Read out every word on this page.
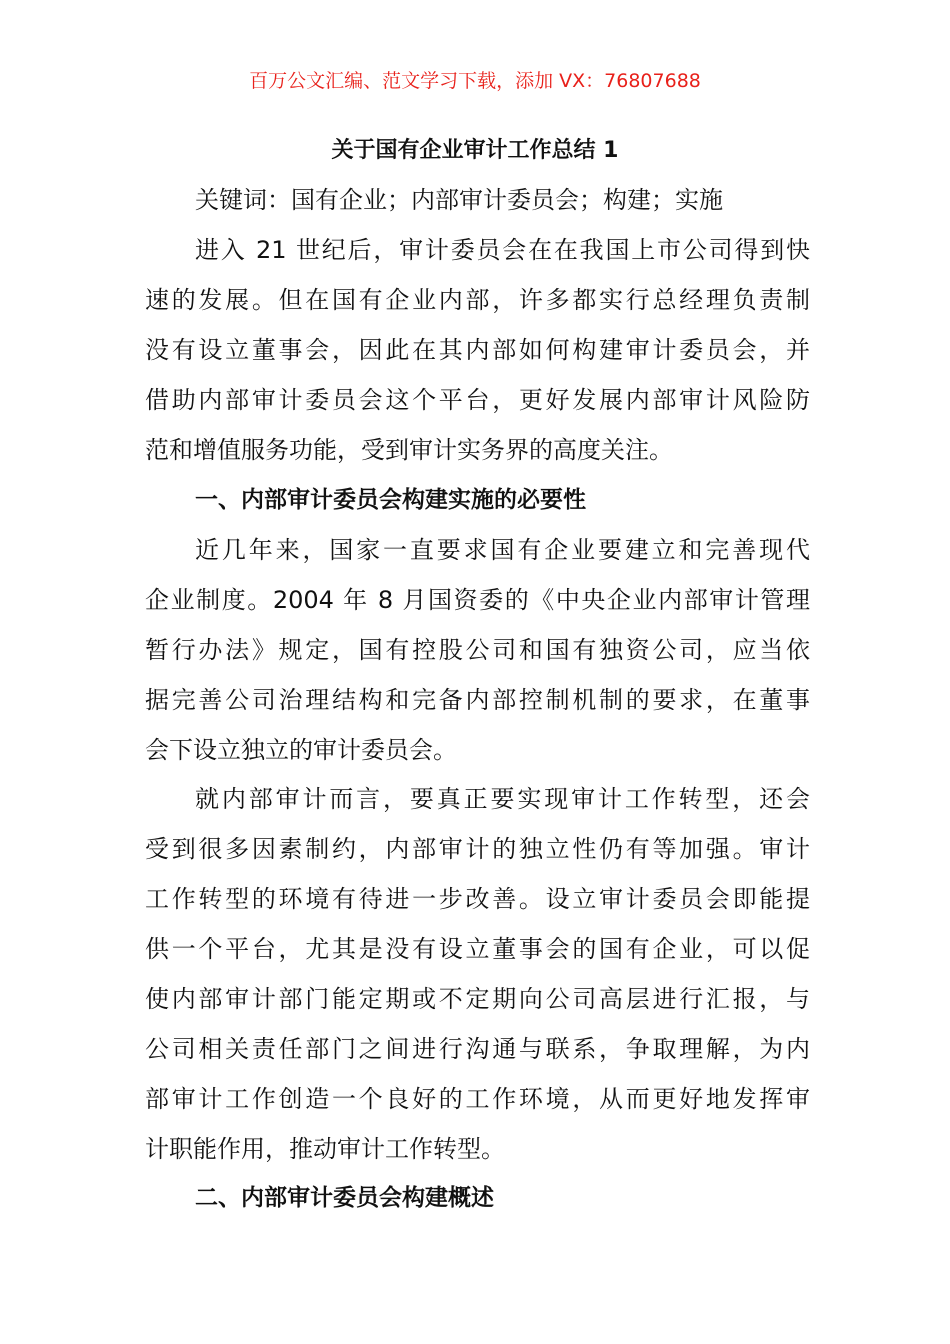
百万公文汇编、范文学习下载，添加 VX：76807688
关于国有企业审计工作总结 1
关键词：国有企业；内部审计委员会；构建；实施
进入 21 世纪后，审计委员会在在我国上市公司得到快
速的发展。但在国有企业内部，许多都实行总经理负责制
没有设立董事会，因此在其内部如何构建审计委员会，并
借助内部审计委员会这个平台，更好发展内部审计风险防
范和增值服务功能，受到审计实务界的高度关注。
一、内部审计委员会构建实施的必要性
近几年来，国家一直要求国有企业要建立和完善现代
企业制度。2004 年 8 月国资委的《中央企业内部审计管理
暂行办法》规定，国有控股公司和国有独资公司，应当依
据完善公司治理结构和完备内部控制机制的要求，在董事
会下设立独立的审计委员会。
就内部审计而言，要真正要实现审计工作转型，还会
受到很多因素制约，内部审计的独立性仍有等加强。审计
工作转型的环境有待进一步改善。设立审计委员会即能提
供一个平台，尤其是没有设立董事会的国有企业，可以促
使内部审计部门能定期或不定期向公司高层进行汇报，与
公司相关责任部门之间进行沟通与联系，争取理解，为内
部审计工作创造一个良好的工作环境，从而更好地发挥审
计职能作用，推动审计工作转型。
二、内部审计委员会构建概述
